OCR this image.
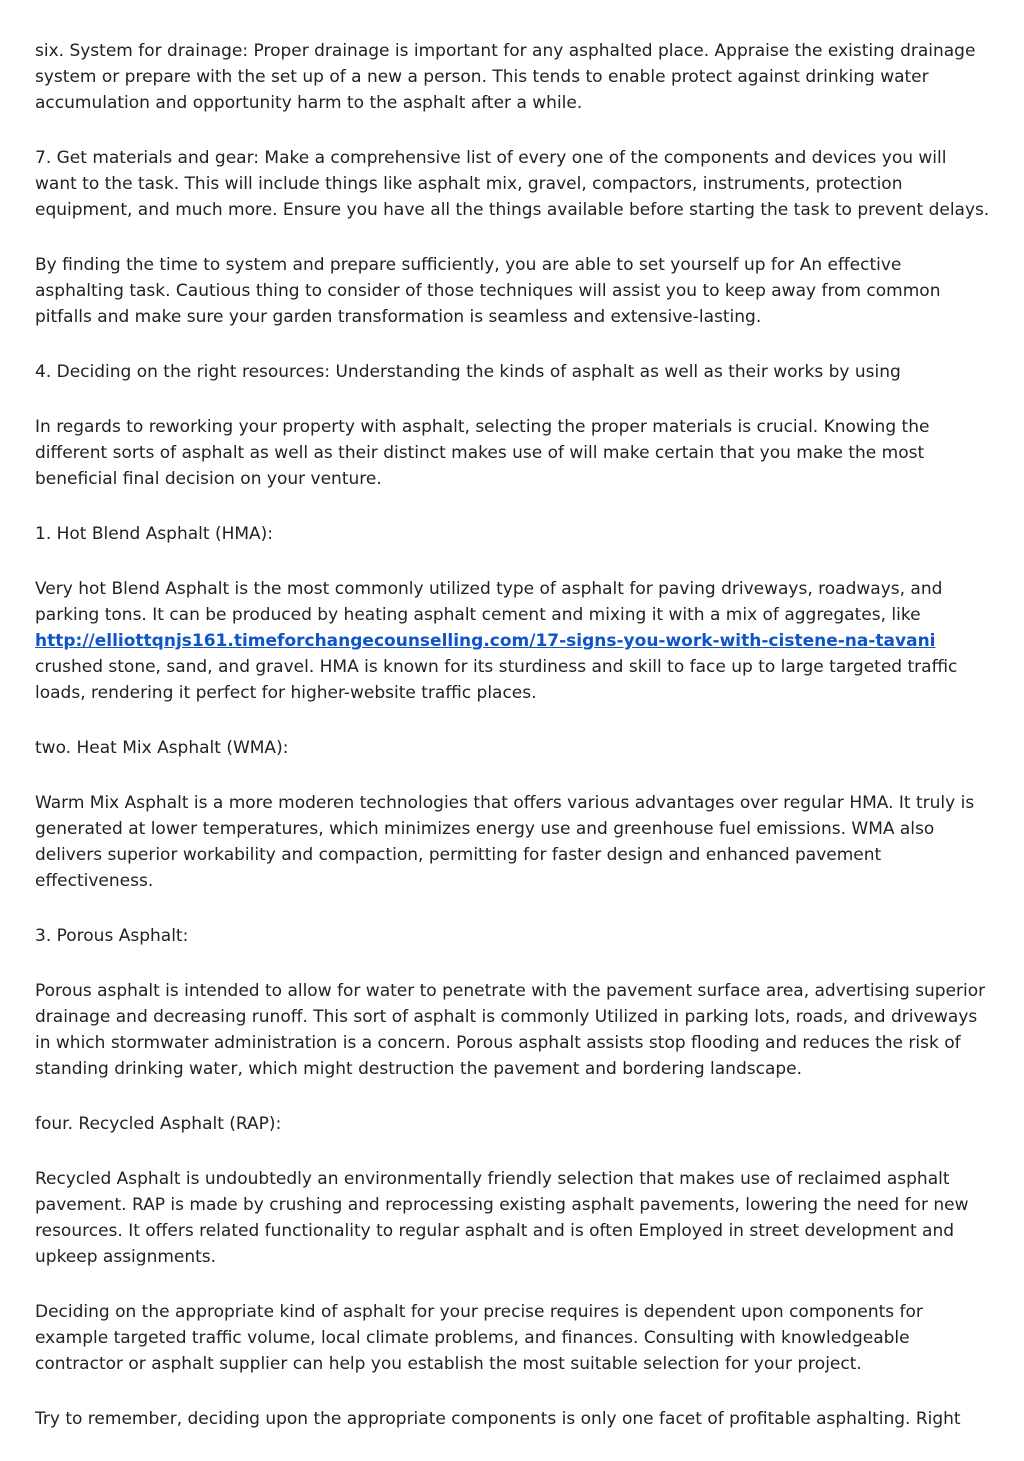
six. System for drainage: Proper drainage is important for any asphalted place. Appraise the existing drainage system or prepare with the set up of a new a person. This tends to enable protect against drinking water accumulation and opportunity harm to the asphalt after a while.

7. Get materials and gear: Make a comprehensive list of every one of the components and devices you will want to the task. This will include things like asphalt mix, gravel, compactors, instruments, protection equipment, and much more. Ensure you have all the things available before starting the task to prevent delays.

By finding the time to system and prepare sufficiently, you are able to set yourself up for An effective asphalting task. Cautious thing to consider of those techniques will assist you to keep away from common pitfalls and make sure your garden transformation is seamless and extensive-lasting.

4. Deciding on the right resources: Understanding the kinds of asphalt as well as their works by using

In regards to reworking your property with asphalt, selecting the proper materials is crucial. Knowing the different sorts of asphalt as well as their distinct makes use of will make certain that you make the most beneficial final decision on your venture.

1. Hot Blend Asphalt (HMA):

Very hot Blend Asphalt is the most commonly utilized type of asphalt for paving driveways, roadways, and parking tons. It can be produced by heating asphalt cement and mixing it with a mix of aggregates, like http://elliottqnjs161.timeforchangecounselling.com/17-signs-you-work-with-cistene-na-tavani crushed stone, sand, and gravel. HMA is known for its sturdiness and skill to face up to large targeted traffic loads, rendering it perfect for higher-website traffic places.

two. Heat Mix Asphalt (WMA):

Warm Mix Asphalt is a more moderen technologies that offers various advantages over regular HMA. It truly is generated at lower temperatures, which minimizes energy use and greenhouse fuel emissions. WMA also delivers superior workability and compaction, permitting for faster design and enhanced pavement effectiveness.

3. Porous Asphalt:

Porous asphalt is intended to allow for water to penetrate with the pavement surface area, advertising superior drainage and decreasing runoff. This sort of asphalt is commonly Utilized in parking lots, roads, and driveways in which stormwater administration is a concern. Porous asphalt assists stop flooding and reduces the risk of standing drinking water, which might destruction the pavement and bordering landscape.

four. Recycled Asphalt (RAP):

Recycled Asphalt is undoubtedly an environmentally friendly selection that makes use of reclaimed asphalt pavement. RAP is made by crushing and reprocessing existing asphalt pavements, lowering the need for new resources. It offers related functionality to regular asphalt and is often Employed in street development and upkeep assignments.

Deciding on the appropriate kind of asphalt for your precise requires is dependent upon components for example targeted traffic volume, local climate problems, and finances. Consulting with knowledgeable contractor or asphalt supplier can help you establish the most suitable selection for your project.

Try to remember, deciding upon the appropriate components is only one facet of profitable asphalting. Right
